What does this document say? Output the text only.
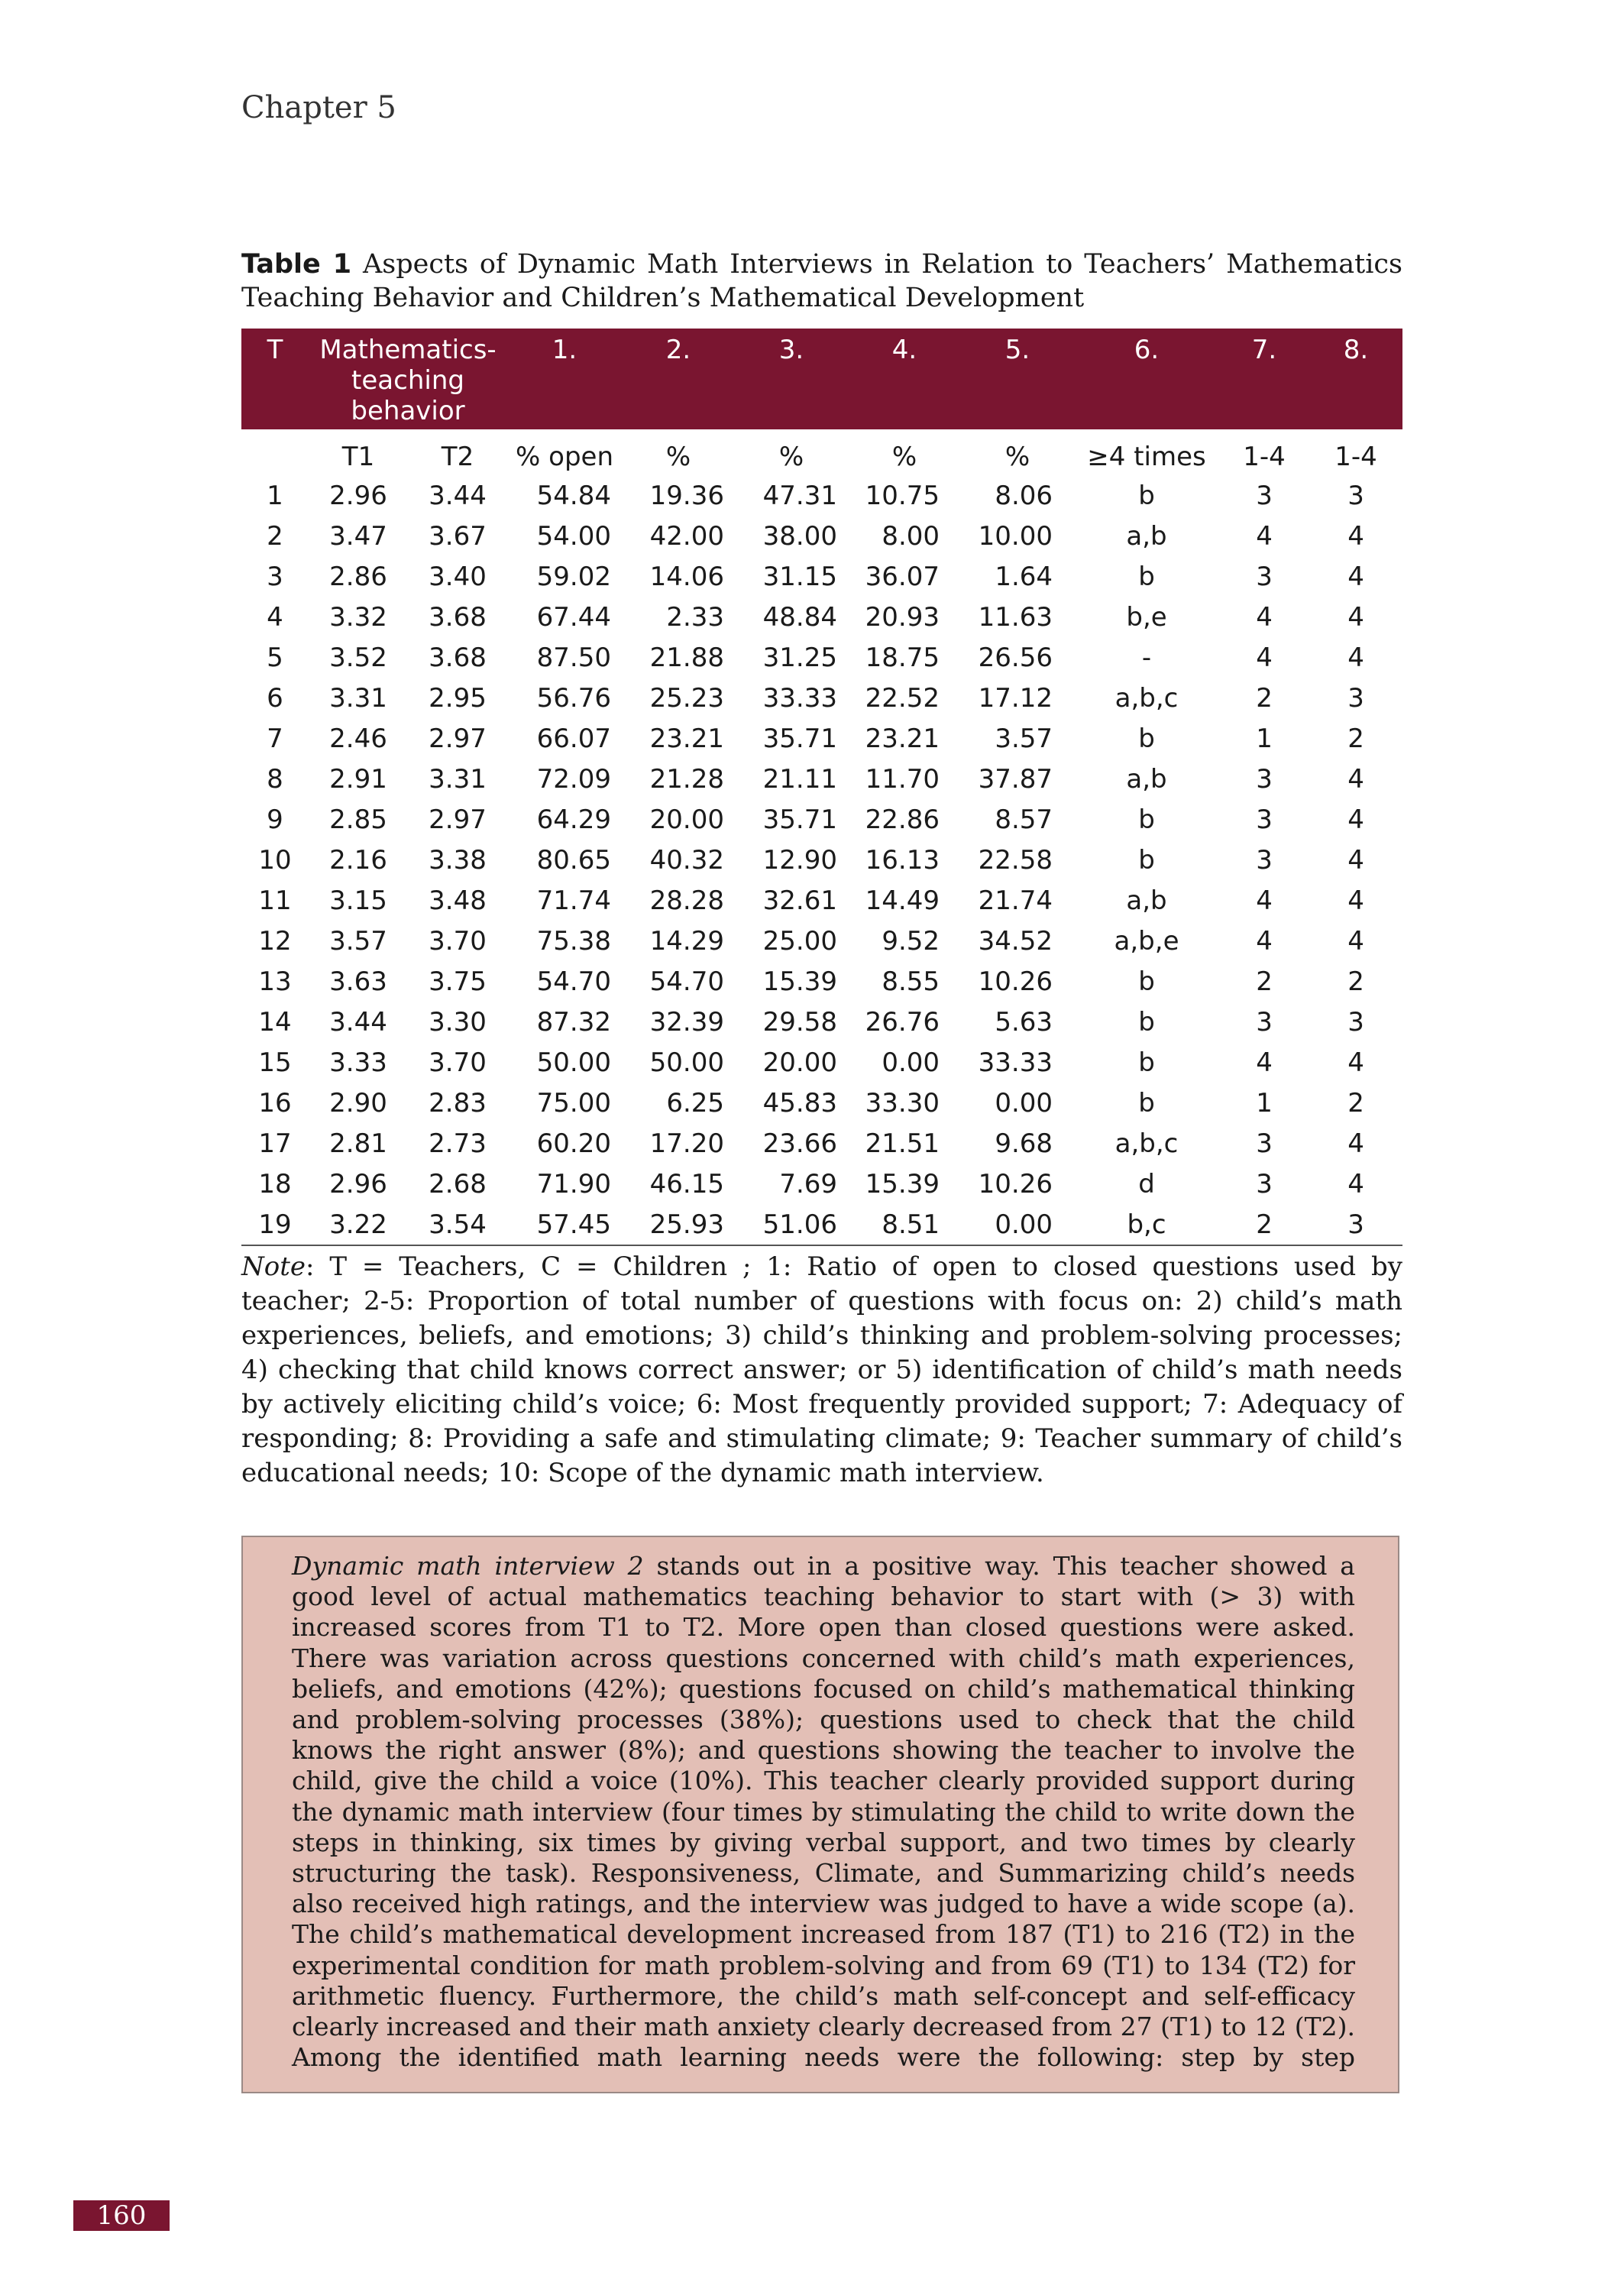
Chapter 5
Table 1 Aspects of Dynamic Math Interviews in Relation to Teachers’ Mathematics Teaching Behavior and Children’s Mathematical Development
T	Mathematics-teaching behavior		1.	2.	3.	4.	5.	6.	7.	8.
	T1	T2	% open	%	%	%	%	≥4 times	1-4	1-4
1	2.96	3.44	54.84	19.36	47.31	10.75	8.06	b	3	3
2	3.47	3.67	54.00	42.00	38.00	8.00	10.00	a,b	4	4
3	2.86	3.40	59.02	14.06	31.15	36.07	1.64	b	3	4
4	3.32	3.68	67.44	2.33	48.84	20.93	11.63	b,e	4	4
5	3.52	3.68	87.50	21.88	31.25	18.75	26.56	-	4	4
6	3.31	2.95	56.76	25.23	33.33	22.52	17.12	a,b,c	2	3
7	2.46	2.97	66.07	23.21	35.71	23.21	3.57	b	1	2
8	2.91	3.31	72.09	21.28	21.11	11.70	37.87	a,b	3	4
9	2.85	2.97	64.29	20.00	35.71	22.86	8.57	b	3	4
10	2.16	3.38	80.65	40.32	12.90	16.13	22.58	b	3	4
11	3.15	3.48	71.74	28.28	32.61	14.49	21.74	a,b	4	4
12	3.57	3.70	75.38	14.29	25.00	9.52	34.52	a,b,e	4	4
13	3.63	3.75	54.70	54.70	15.39	8.55	10.26	b	2	2
14	3.44	3.30	87.32	32.39	29.58	26.76	5.63	b	3	3
15	3.33	3.70	50.00	50.00	20.00	0.00	33.33	b	4	4
16	2.90	2.83	75.00	6.25	45.83	33.30	0.00	b	1	2
17	2.81	2.73	60.20	17.20	23.66	21.51	9.68	a,b,c	3	4
18	2.96	2.68	71.90	46.15	7.69	15.39	10.26	d	3	4
19	3.22	3.54	57.45	25.93	51.06	8.51	0.00	b,c	2	3
Note: T = Teachers, C = Children ; 1: Ratio of open to closed questions used by teacher; 2-5: Proportion of total number of questions with focus on: 2) child’s math experiences, beliefs, and emotions; 3) child’s thinking and problem-solving processes; 4) checking that child knows correct answer; or 5) identification of child’s math needs by actively eliciting child’s voice; 6: Most frequently provided support; 7: Adequacy of responding; 8: Providing a safe and stimulating climate; 9: Teacher summary of child’s educational needs; 10: Scope of the dynamic math interview.
Dynamic math interview 2 stands out in a positive way. This teacher showed a good level of actual mathematics teaching behavior to start with (> 3) with increased scores from T1 to T2. More open than closed questions were asked. There was variation across questions concerned with child’s math experiences, beliefs, and emotions (42%); questions focused on child’s mathematical thinking and problem-solving processes (38%); questions used to check that the child knows the right answer (8%); and questions showing the teacher to involve the child, give the child a voice (10%). This teacher clearly provided support during the dynamic math interview (four times by stimulating the child to write down the steps in thinking, six times by giving verbal support, and two times by clearly structuring the task). Responsiveness, Climate, and Summarizing child’s needs also received high ratings, and the interview was judged to have a wide scope (a). The child’s mathematical development increased from 187 (T1) to 216 (T2) in the experimental condition for math problem-solving and from 69 (T1) to 134 (T2) for arithmetic fluency. Furthermore, the child’s math self-concept and self-efficacy clearly increased and their math anxiety clearly decreased from 27 (T1) to 12 (T2). Among the identified math learning needs were the following: step by step
160
